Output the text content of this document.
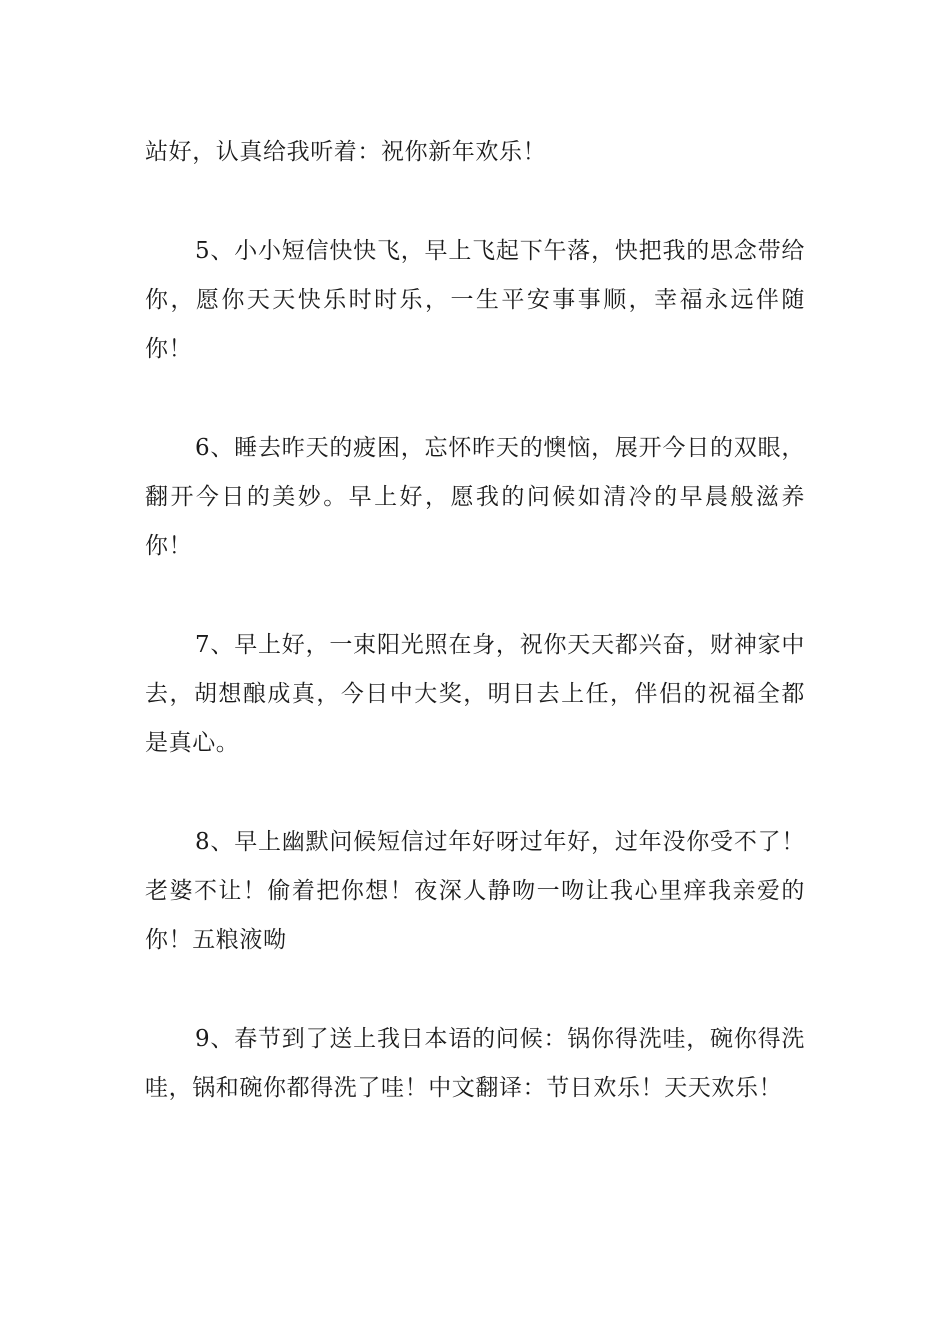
站好，认真给我听着：祝你新年欢乐！

5、小小短信快快飞，早上飞起下午落，快把我的思念带给你，愿你天天快乐时时乐，一生平安事事顺，幸福永远伴随你！

6、睡去昨天的疲困，忘怀昨天的懊恼，展开今日的双眼，翻开今日的美妙。早上好，愿我的问候如清冷的早晨般滋养你！

7、早上好，一束阳光照在身，祝你天天都兴奋，财神家中去，胡想酿成真，今日中大奖，明日去上任，伴侣的祝福全都是真心。

8、早上幽默问候短信过年好呀过年好，过年没你受不了！老婆不让！偷着把你想！夜深人静吻一吻让我心里痒我亲爱的你！五粮液呦

9、春节到了送上我日本语的问候：锅你得洗哇，碗你得洗哇，锅和碗你都得洗了哇！中文翻译：节日欢乐！天天欢乐！
